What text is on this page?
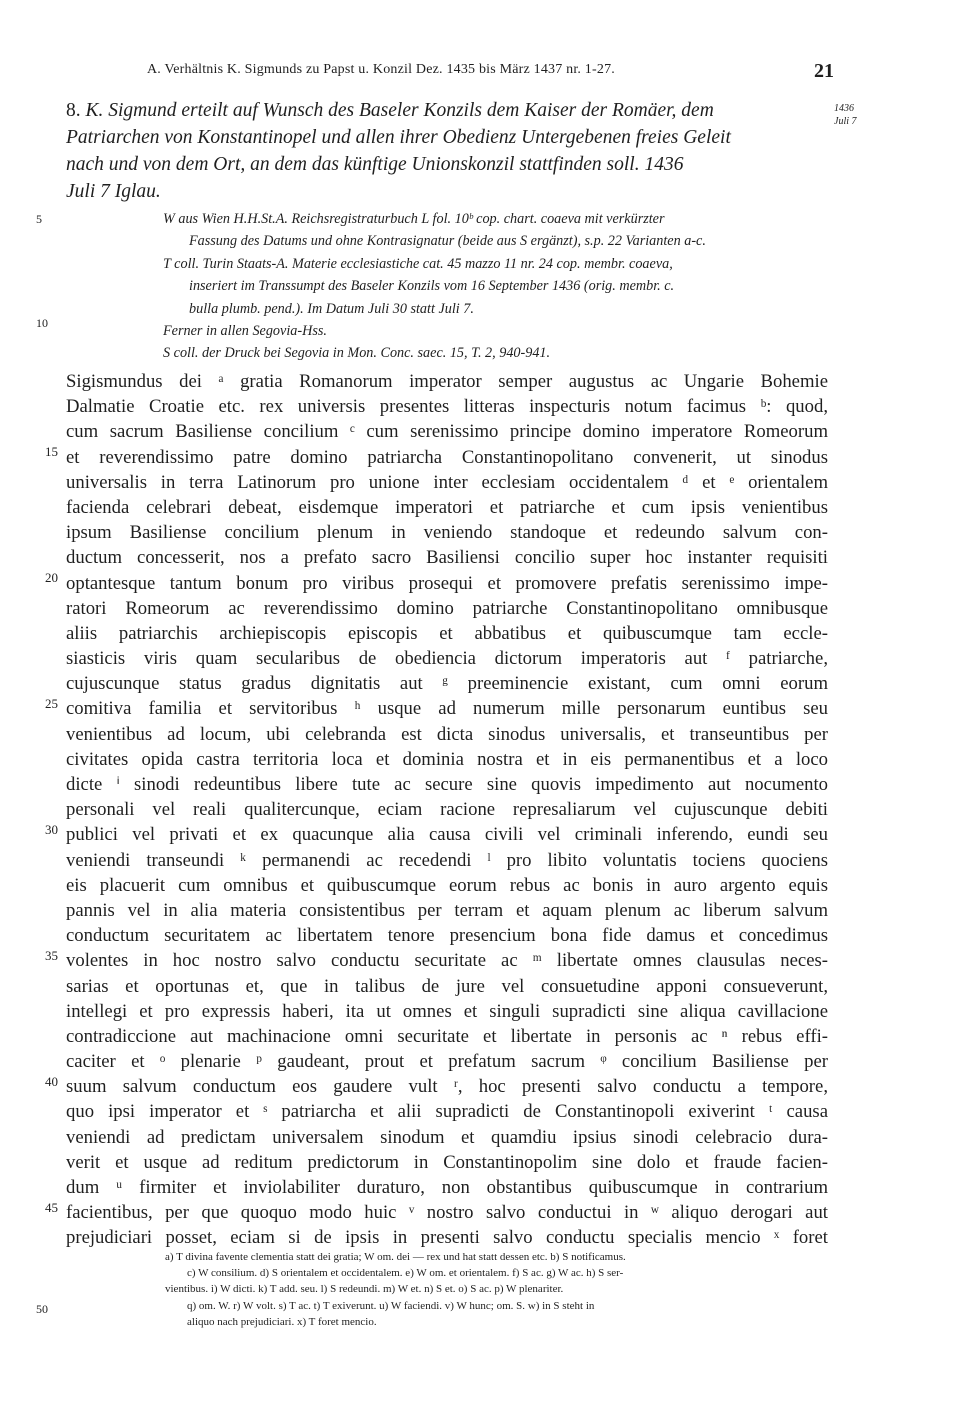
A. Verhältnis K. Sigmunds zu Papst u. Konzil Dez. 1435 bis März 1437 nr. 1-27.	21
1436
Juli 7
8. K. Sigmund erteilt auf Wunsch des Baseler Konzils dem Kaiser der Romäer, dem
Patriarchen von Konstantinopel und allen ihrer Obedienz Untergebenen freies Geleit
nach und von dem Ort, an dem das künftige Unionskonzil stattfinden soll. 1436
Juli 7 Iglau.
5
10
15
20
25
30
35
40
45
50
W aus Wien H.H.St.A. Reichsregistraturbuch L fol. 10ᵇ cop. chart. coaeva mit verkürzter
Fassung des Datums und ohne Kontrasignatur (beide aus S ergänzt), s.p. 22 Varianten a-c.
T coll. Turin Staats-A. Materie ecclesiastiche cat. 45 mazzo 11 nr. 24 cop. membr. coaeva,
inseriert im Transsumpt des Baseler Konzils vom 16 September 1436 (orig. membr. c.
bulla plumb. pend.). Im Datum Juli 30 statt Juli 7.
Ferner in allen Segovia-Hss.
S coll. der Druck bei Segovia in Mon. Conc. saec. 15, T. 2, 940-941.
Sigismundus dei ᵃ gratia Romanorum imperator semper augustus ac Ungarie Bohemie
Dalmatie Croatie etc. rex universis presentes litteras inspecturis notum facimus ᵇ: quod,
cum sacrum Basiliense concilium ᶜ cum serenissimo principe domino imperatore Romeorum
et reverendissimo patre domino patriarcha Constantinopolitano convenerit, ut sinodus
universalis in terra Latinorum pro unione inter ecclesiam occidentalem ᵈ et ᵉ orientalem
facienda celebrari debeat, eisdemque imperatori et patriarche et cum ipsis venientibus
ipsum Basiliense concilium plenum in veniendo standoque et redeundo salvum con-
ductum concesserit, nos a prefato sacro Basiliensi concilio super hoc instanter requisiti
optantesque tantum bonum pro viribus prosequi et promovere prefatis serenissimo impe-
ratori Romeorum ac reverendissimo domino patriarche Constantinopolitano omnibusque
aliis patriarchis archiepiscopis episcopis et abbatibus et quibuscumque tam eccle-
siasticis viris quam secularibus de obediencia dictorum imperatoris aut ᶠ patriarche,
cujuscunque status gradus dignitatis aut ᵍ preeminencie existant, cum omni eorum
comitiva familia et servitoribus ʰ usque ad numerum mille personarum euntibus seu
venientibus ad locum, ubi celebranda est dicta sinodus universalis, et transeuntibus per
civitates opida castra territoria loca et dominia nostra et in eis permanentibus et a loco
dicte ⁱ sinodi redeuntibus libere tute ac secure sine quovis impedimento aut nocumento
personali vel reali qualitercunque, eciam racione represaliarum vel cujuscunque debiti
publici vel privati et ex quacunque alia causa civili vel criminali inferendo, eundi seu
veniendi transeundi ᵏ permanendi ac recedendi ˡ pro libito voluntatis tociens quociens
eis placuerit cum omnibus et quibuscumque eorum rebus ac bonis in auro argento equis
pannis vel in alia materia consistentibus per terram et aquam plenum ac liberum salvum
conductum securitatem ac libertatem tenore presencium bona fide damus et concedimus
volentes in hoc nostro salvo conductu securitate ac ᵐ libertate omnes clausulas neces-
sarias et oportunas et, que in talibus de jure vel consuetudine apponi consueverunt,
intellegi et pro expressis haberi, ita ut omnes et singuli supradicti sine aliqua cavillacione
contradiccione aut machinacione omni securitate et libertate in personis ac ⁿ rebus effi-
caciter et ᵒ plenarie ᵖ gaudeant, prout et prefatum sacrum ᵠ concilium Basiliense per
suum salvum conductum eos gaudere vult ʳ, hoc presenti salvo conductu a tempore,
quo ipsi imperator et ˢ patriarcha et alii supradicti de Constantinopoli exiverint ᵗ causa
veniendi ad predictam universalem sinodum et quamdiu ipsius sinodi celebracio dura-
verit et usque ad reditum predictorum in Constantinopolim sine dolo et fraude facien-
dum ᵘ firmiter et inviolabiliter duraturo, non obstantibus quibuscumque in contrarium
facientibus, per que quoquo modo huic ᵛ nostro salvo conductui in ʷ aliquo derogari aut
prejudiciari posset, eciam si de ipsis in presenti salvo conductu specialis mencio ˣ foret
a) T divina favente clementia statt dei gratia; W om. dei — rex und hat statt dessen etc. b) S notificamus.
c) W consilium. d) S orientalem et occidentalem. e) W om. et orientalem. f) S ac. g) W ac. h) S ser-
vientibus. i) W dicti. k) T add. seu. l) S redeundi. m) W et. n) S et. o) S ac. p) W plenariter.
q) om. W. r) W volt. s) T ac. t) T exiverunt. u) W faciendi. v) W hunc; om. S. w) in S steht in
aliquo nach prejudiciari. x) T foret mencio.
